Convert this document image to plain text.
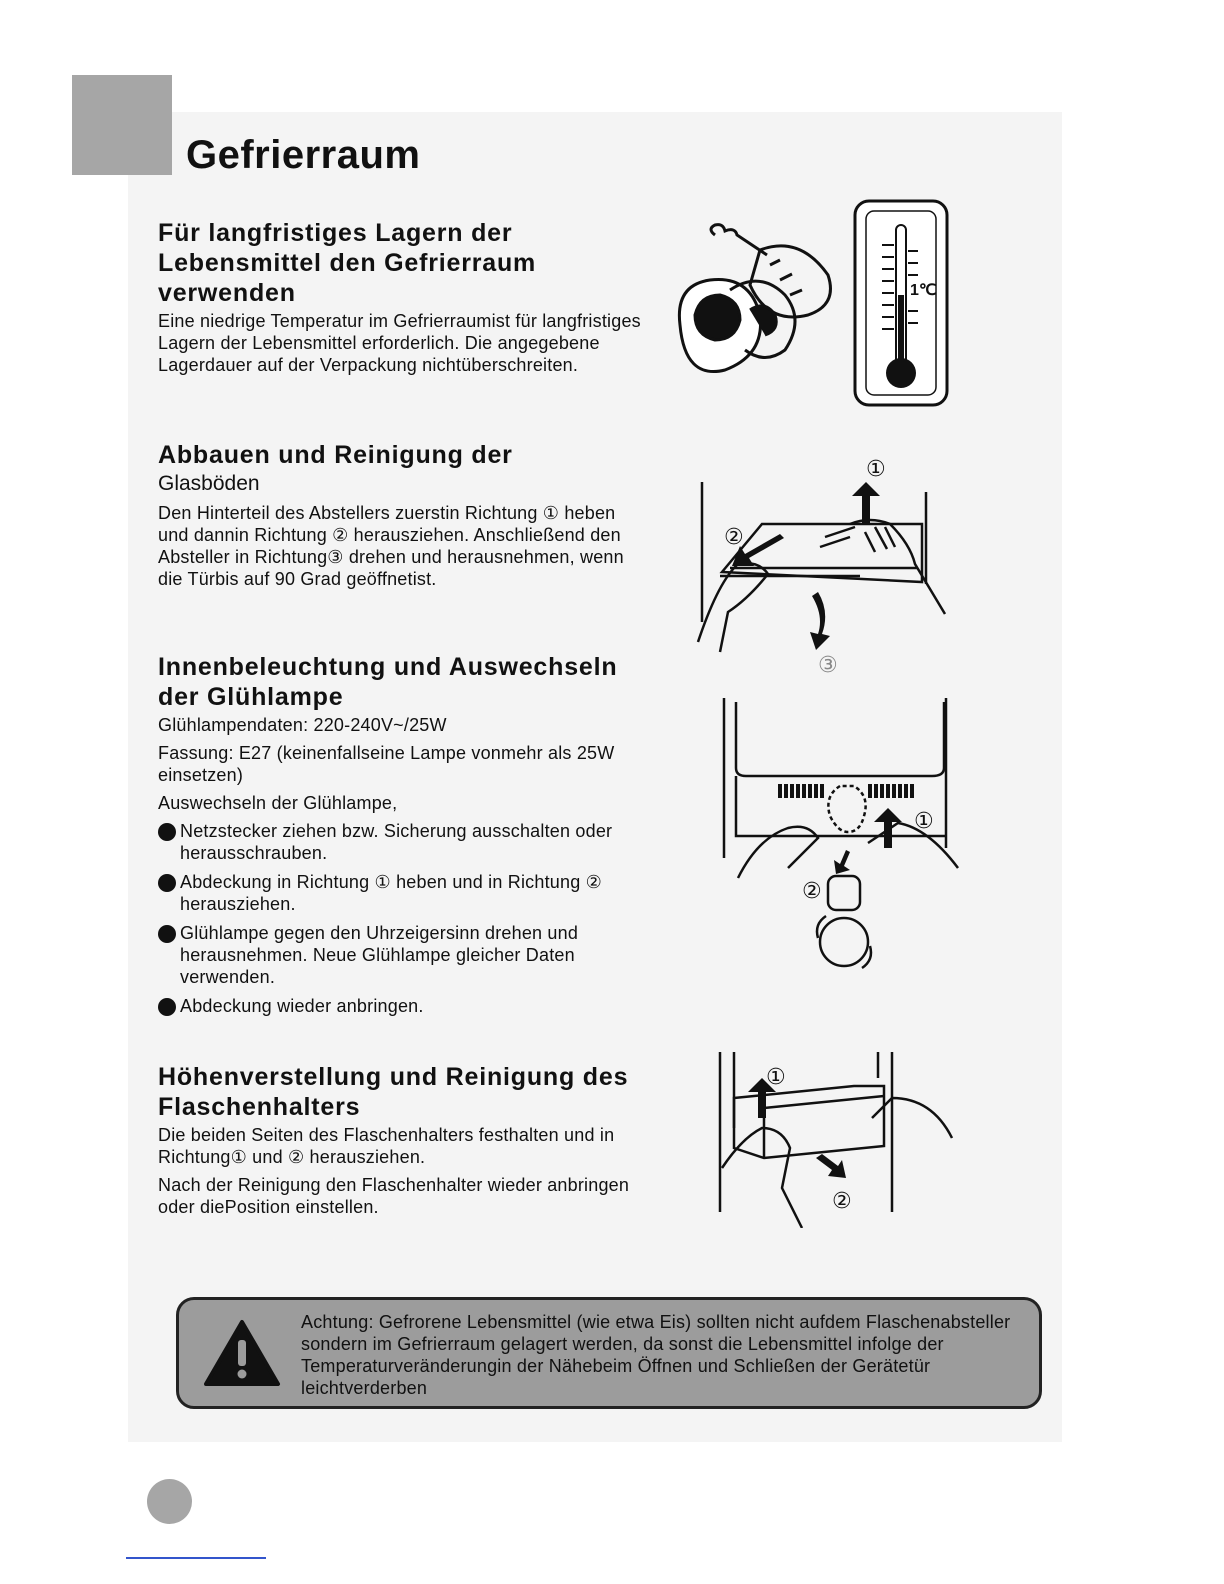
Gefrierraum
Für langfristiges Lagern der Lebensmittel den Gefrierraum verwenden

Eine niedrige Temperatur im Gefrierraumist für langfristiges Lagern der Lebensmittel erforderlich. Die angegebene Lagerdauer auf der Verpackung nichtüberschreiten.

Abbauen und Reinigung der

Glasböden

Den Hinterteil des Abstellers zuerstin Richtung ① heben und dannin Richtung ② herausziehen. Anschließend den Absteller in Richtung③ drehen und herausnehmen, wenn die Türbis auf 90 Grad geöffnetist.

Innenbeleuchtung und Auswechseln der Glühlampe

Glühlampendaten: 220-240V~/25W

Fassung: E27 (keinenfallseine Lampe vonmehr als 25W einsetzen)

Auswechseln der Glühlampe,

Netzstecker ziehen bzw. Sicherung ausschalten oder herausschrauben.
Abdeckung in Richtung ① heben und in Richtung ② herausziehen.
Glühlampe gegen den Uhrzeigersinn drehen und herausnehmen. Neue Glühlampe gleicher Daten verwenden.
Abdeckung wieder anbringen.
Höhenverstellung und Reinigung des Flaschenhalters

Die beiden Seiten des Flaschenhalters festhalten und in Richtung① und ② herausziehen.

Nach der Reinigung den Flaschenhalter wieder anbringen oder diePosition einstellen.

1℃
①
②
③
①
②
①
②

Achtung: Gefrorene Lebensmittel (wie etwa Eis) sollten nicht aufdem Flaschenabsteller sondern im Gefrierraum gelagert werden, da sonst die Lebensmittel infolge der Temperaturveränderungin der Nähebeim Öffnen und Schließen der Gerätetür leichtverderben
